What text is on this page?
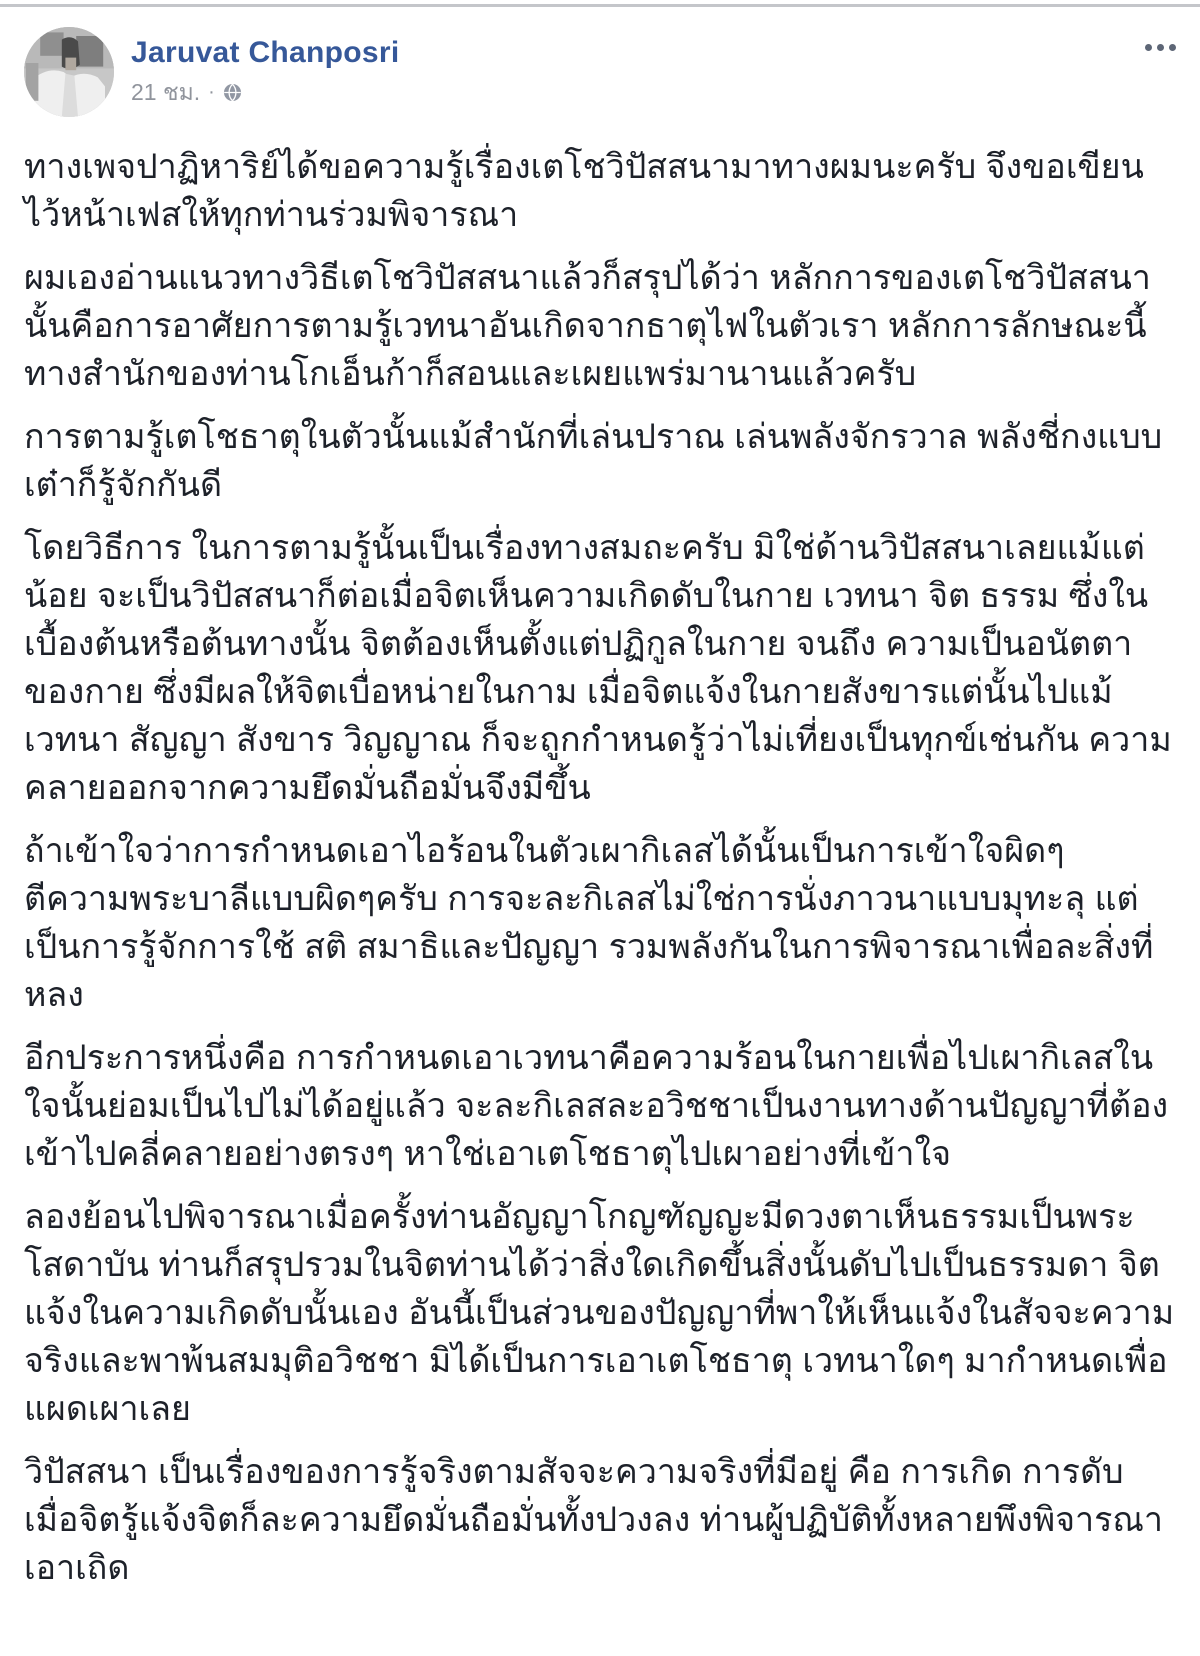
Jaruvat Chanposri
21 ชม. ·

ทางเพจปาฏิหาริย์ได้ขอความรู้เรื่องเตโชวิปัสสนามาทางผมนะครับ จึงขอเขียนไว้หน้าเฟสให้ทุกท่านร่วมพิจารณา

ผมเองอ่านแนวทางวิธีเตโชวิปัสสนาแล้วก็สรุปได้ว่า หลักการของเตโชวิปัสสนานั้นคือการอาศัยการตามรู้เวทนาอันเกิดจากธาตุไฟในตัวเรา หลักการลักษณะนี้ ทางสำนักของท่านโกเอ็นก้าก็สอนและเผยแพร่มานานแล้วครับ

การตามรู้เตโชธาตุในตัวนั้นแม้สำนักที่เล่นปราณ เล่นพลังจักรวาล พลังชี่กงแบบเต๋าก็รู้จักกันดี

โดยวิธีการ ในการตามรู้นั้นเป็นเรื่องทางสมถะครับ มิใช่ด้านวิปัสสนาเลยแม้แต่น้อย จะเป็นวิปัสสนาก็ต่อเมื่อจิตเห็นความเกิดดับในกาย เวทนา จิต ธรรม ซึ่งในเบื้องต้นหรือต้นทางนั้น จิตต้องเห็นตั้งแต่ปฏิกูลในกาย จนถึง ความเป็นอนัตตาของกาย ซึ่งมีผลให้จิตเบื่อหน่ายในกาม เมื่อจิตแจ้งในกายสังขารแต่นั้นไปแม้เวทนา สัญญา สังขาร วิญญาณ ก็จะถูกกำหนดรู้ว่าไม่เที่ยงเป็นทุกข์เช่นกัน ความคลายออกจากความยึดมั่นถือมั่นจึงมีขึ้น

ถ้าเข้าใจว่าการกำหนดเอาไอร้อนในตัวเผากิเลสได้นั้นเป็นการเข้าใจผิดๆ ตีความพระบาลีแบบผิดๆครับ การจะละกิเลสไม่ใช่การนั่งภาวนาแบบมุทะลุ แต่เป็นการรู้จักการใช้ สติ สมาธิและปัญญา รวมพลังกันในการพิจารณาเพื่อละสิ่งที่หลง

อีกประการหนึ่งคือ การกำหนดเอาเวทนาคือความร้อนในกายเพื่อไปเผากิเลสในใจนั้นย่อมเป็นไปไม่ได้อยู่แล้ว จะละกิเลสละอวิชชาเป็นงานทางด้านปัญญาที่ต้องเข้าไปคลี่คลายอย่างตรงๆ หาใช่เอาเตโชธาตุไปเผาอย่างที่เข้าใจ

ลองย้อนไปพิจารณาเมื่อครั้งท่านอัญญาโกญฑัญญะมีดวงตาเห็นธรรมเป็นพระโสดาบัน ท่านก็สรุปรวมในจิตท่านได้ว่าสิ่งใดเกิดขึ้นสิ่งนั้นดับไปเป็นธรรมดา จิตแจ้งในความเกิดดับนั้นเอง อันนี้เป็นส่วนของปัญญาที่พาให้เห็นแจ้งในสัจจะความจริงและพาพ้นสมมุติอวิชชา มิได้เป็นการเอาเตโชธาตุ เวทนาใดๆ มากำหนดเพื่อแผดเผาเลย

วิปัสสนา เป็นเรื่องของการรู้จริงตามสัจจะความจริงที่มีอยู่ คือ การเกิด การดับ เมื่อจิตรู้แจ้งจิตก็ละความยึดมั่นถือมั่นทั้งปวงลง ท่านผู้ปฏิบัติทั้งหลายพึงพิจารณาเอาเถิด
